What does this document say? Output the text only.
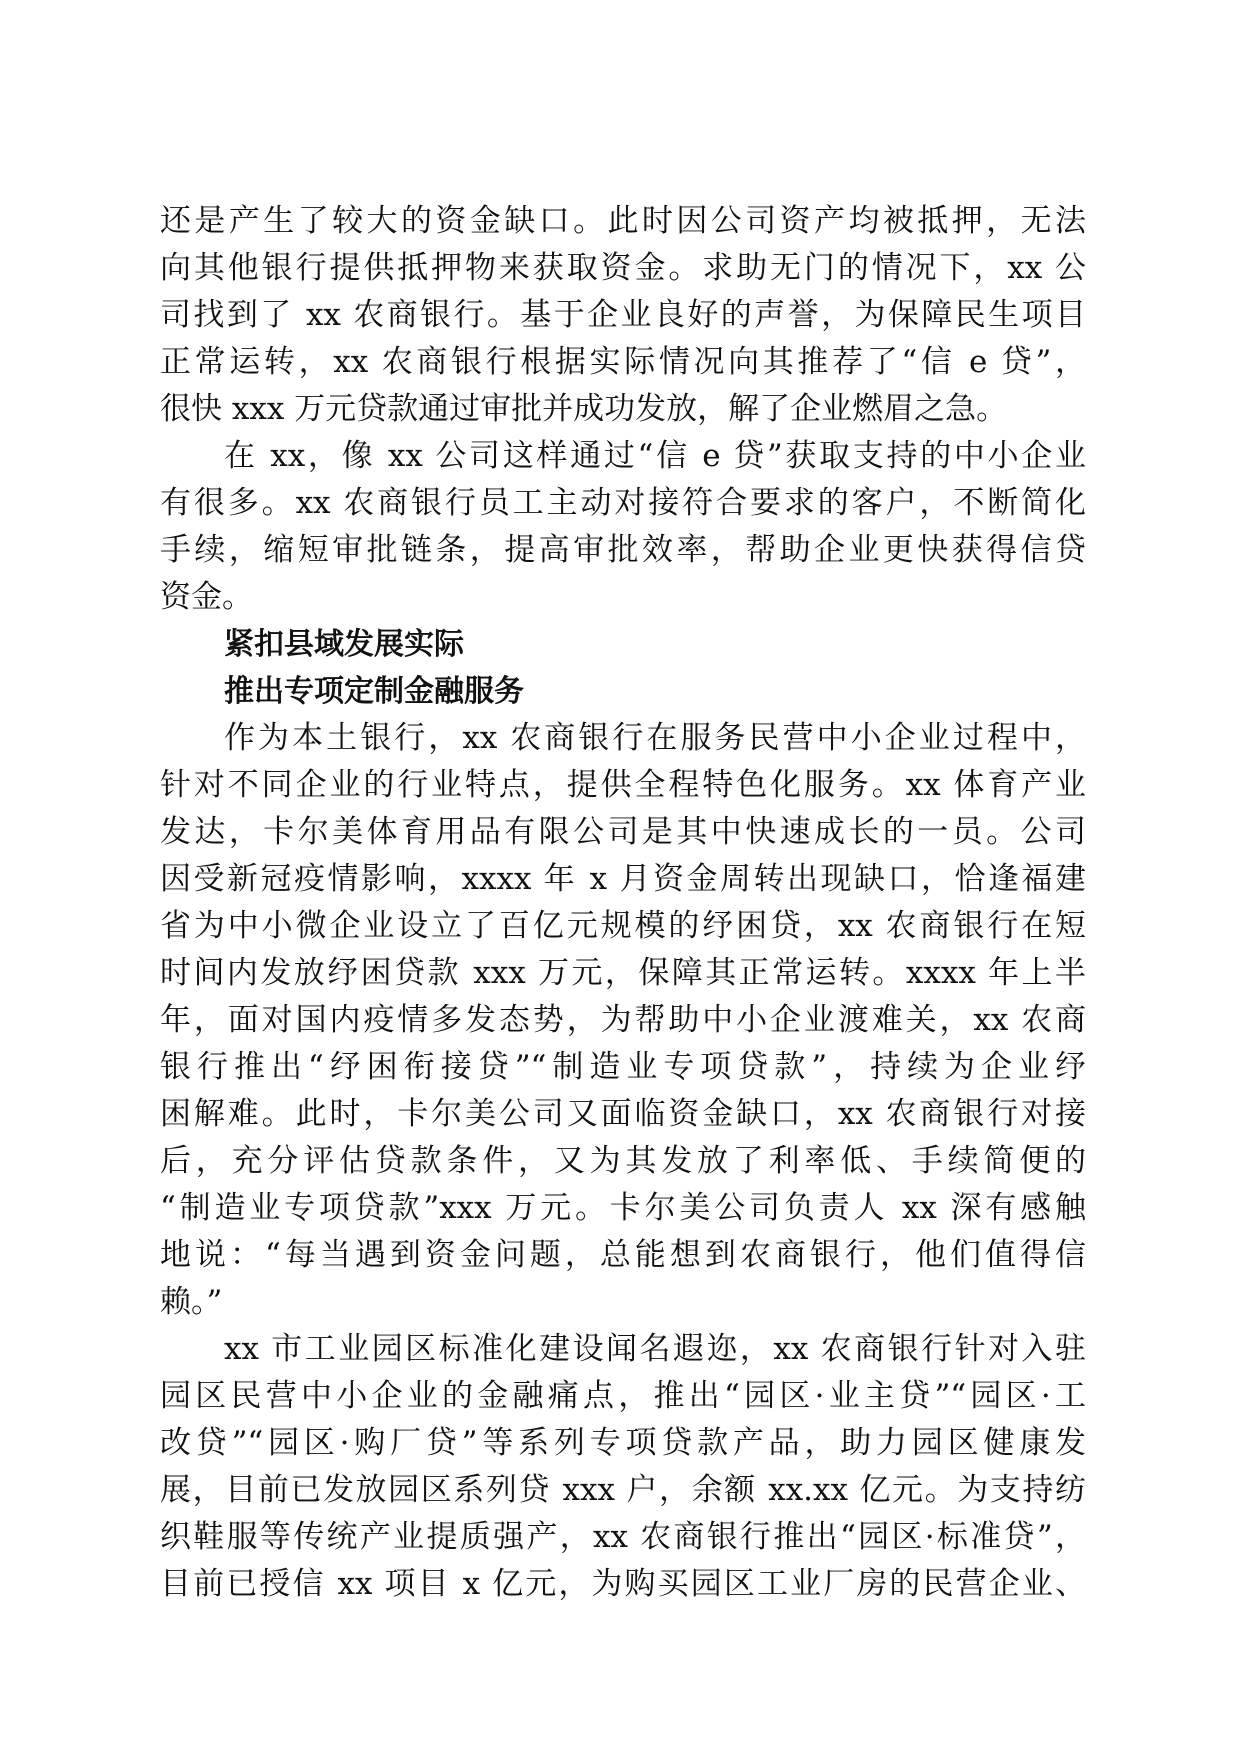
还是产生了较大的资金缺口。此时因公司资产均被抵押，无法
向其他银行提供抵押物来获取资金。求助无门的情况下，xx 公
司找到了 xx 农商银行。基于企业良好的声誉，为保障民生项目
正常运转，xx 农商银行根据实际情况向其推荐了“信 e 贷”，
很快 xxx 万元贷款通过审批并成功发放，解了企业燃眉之急。
在 xx，像 xx 公司这样通过“信 e 贷”获取支持的中小企业
有很多。xx 农商银行员工主动对接符合要求的客户，不断简化
手续，缩短审批链条，提高审批效率，帮助企业更快获得信贷
资金。
紧扣县域发展实际
推出专项定制金融服务
作为本土银行，xx 农商银行在服务民营中小企业过程中，
针对不同企业的行业特点，提供全程特色化服务。xx 体育产业
发达，卡尔美体育用品有限公司是其中快速成长的一员。公司
因受新冠疫情影响，xxxx 年 x 月资金周转出现缺口，恰逢福建
省为中小微企业设立了百亿元规模的纾困贷，xx 农商银行在短
时间内发放纾困贷款 xxx 万元，保障其正常运转。xxxx 年上半
年，面对国内疫情多发态势，为帮助中小企业渡难关，xx 农商
银行推出“纾困衔接贷”“制造业专项贷款”，持续为企业纾
困解难。此时，卡尔美公司又面临资金缺口，xx 农商银行对接
后，充分评估贷款条件，又为其发放了利率低、手续简便的
“制造业专项贷款”xxx 万元。卡尔美公司负责人 xx 深有感触
地说：“每当遇到资金问题，总能想到农商银行，他们值得信
赖。”
xx 市工业园区标准化建设闻名遐迩，xx 农商银行针对入驻
园区民营中小企业的金融痛点，推出“园区·业主贷”“园区·工
改贷”“园区·购厂贷”等系列专项贷款产品，助力园区健康发
展，目前已发放园区系列贷 xxx 户，余额 xx.xx 亿元。为支持纺
织鞋服等传统产业提质强产，xx 农商银行推出“园区·标准贷”，
目前已授信 xx 项目 x 亿元，为购买园区工业厂房的民营企业、
